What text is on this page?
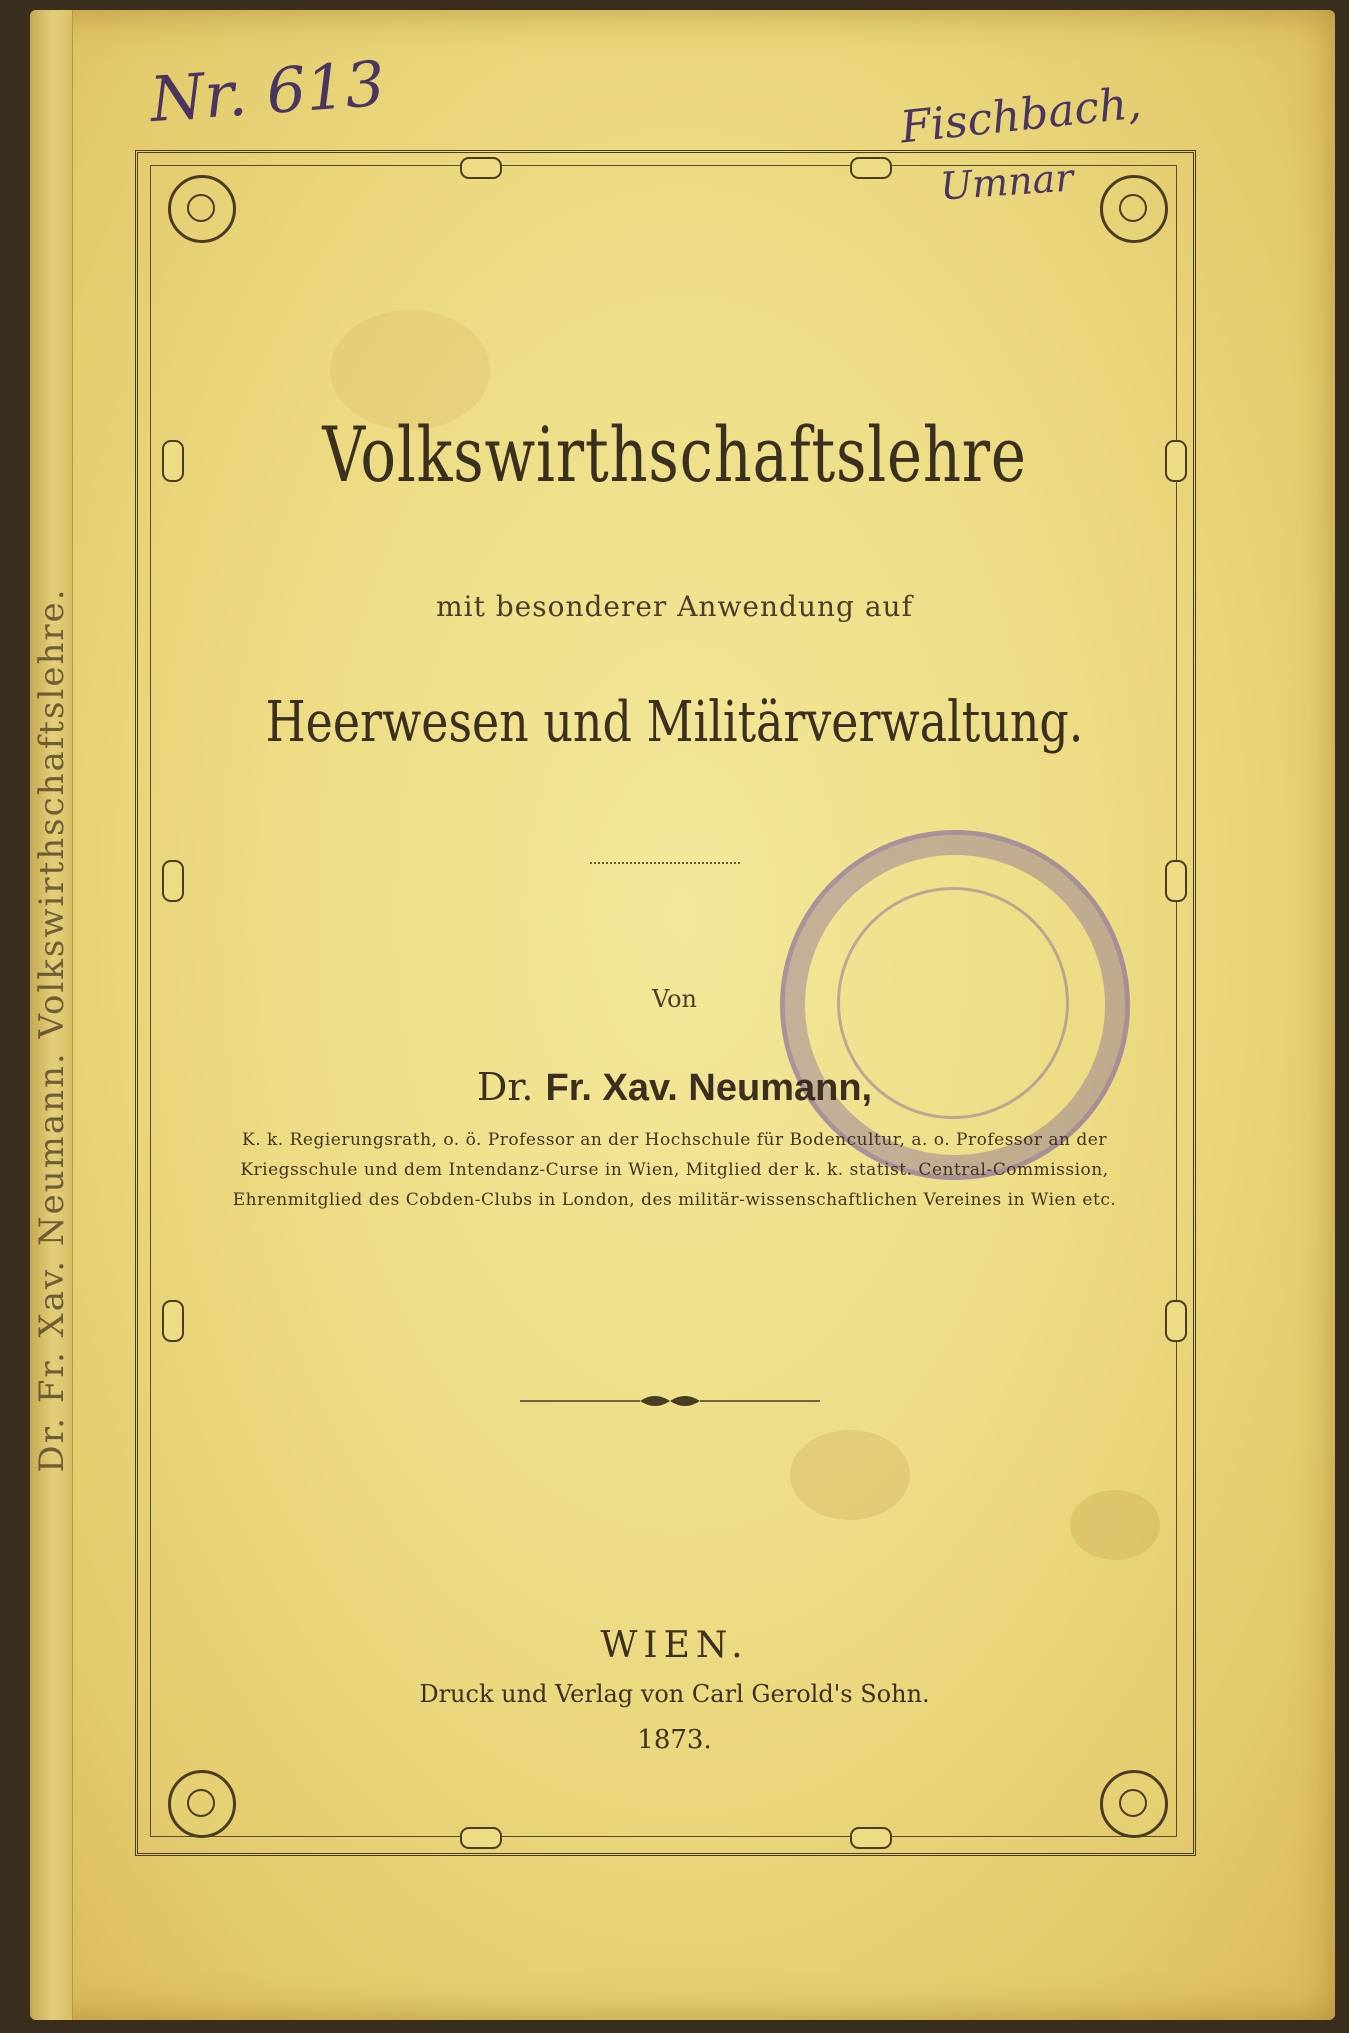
Dr. Fr. Xav. Neumann. Volkswirthschaftslehre.
Nr. 613	Fischbach,
Umnar
Volkswirthschaftslehre
mit besonderer Anwendung auf
Heerwesen und Militärverwaltung.
Von
Dr. Fr. Xav. Neumann,
K. k. Regierungsrath, o. ö. Professor an der Hochschule für Bodencultur, a. o. Professor an der
Kriegsschule und dem Intendanz-Curse in Wien, Mitglied der k. k. statist. Central-Commission,
Ehrenmitglied des Cobden-Clubs in London, des militär-wissenschaftlichen Vereines in Wien etc.
WIEN.
Druck und Verlag von Carl Gerold's Sohn.
1873.
